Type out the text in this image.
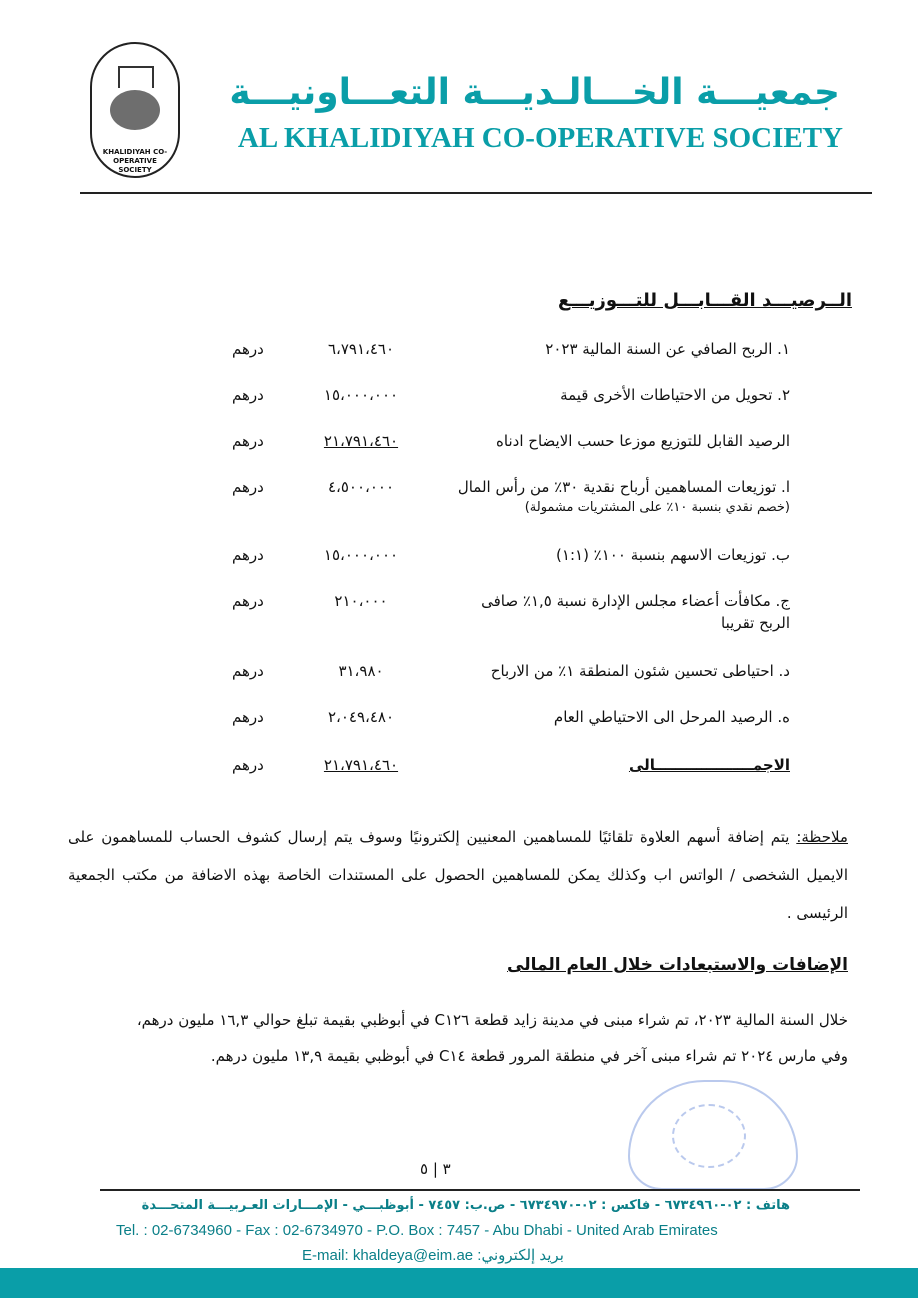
KHALIDIYAH CO-OPERATIVE SOCIETY
جمعيـــة الخـــالـديـــة التعـــاونيـــة
AL KHALIDIYAH CO-OPERATIVE SOCIETY
الــرصيـــد القـــابـــل للتـــوزيـــع
١. الربح الصافي عن السنة المالية ٢٠٢٣
٦،٧٩١،٤٦٠
درهم
٢. تحويل من الاحتياطات الأخرى قيمة
١٥،٠٠٠،٠٠٠
درهم
الرصيد القابل للتوزيع موزعا حسب الايضاح ادناه
٢١،٧٩١،٤٦٠
درهم
ا. توزيعات المساهمين أرباح نقدية ٣٠٪ من رأس المال
(خصم نقدي بنسبة ١٠٪ على المشتريات مشمولة)
٤،٥٠٠،٠٠٠
درهم
ب. توزيعات الاسهم بنسبة ١٠٠٪ (١:١)
١٥،٠٠٠،٠٠٠
درهم
ج. مكافأت أعضاء مجلس الإدارة نسبة ١,٥٪ صافى
الربح تقريبا
٢١٠،٠٠٠
درهم
د. احتياطى تحسين شئون المنطقة ١٪ من الارباح
٣١،٩٨٠
درهم
ه. الرصيد المرحل الى الاحتياطي العام
٢،٠٤٩،٤٨٠
درهم
الاجمـــــــــــــــــــالى
٢١،٧٩١،٤٦٠
درهم
ملاحظة: يتم إضافة أسهم العلاوة تلقائيًا للمساهمين المعنيين إلكترونيًا وسوف يتم إرسال كشوف الحساب للمساهمون على الايميل الشخصى / الواتس اب وكذلك يمكن للمساهمين الحصول على المستندات الخاصة بهذه الاضافة من مكتب الجمعية الرئيسى .
الإضافات والاستبعادات خلال العام المالى
خلال السنة المالية ٢٠٢٣، تم شراء مبنى في مدينة زايد قطعة C١٢٦ في أبوظبي بقيمة تبلغ حوالي ١٦,٣ مليون درهم،
وفي مارس ٢٠٢٤ تم شراء مبنى آخر في منطقة المرور قطعة C١٤ في أبوظبي بقيمة ١٣,٩ مليون درهم.
٣ | ٥
هاتف : ٠٢-٦٧٣٤٩٦٠ - فاكس : ٠٢-٦٧٣٤٩٧٠ - ص.ب: ٧٤٥٧ - أبوظبـــي - الإمـــارات العـربيـــة المتحـــدة
Tel. : 02-6734960 - Fax : 02-6734970 - P.O. Box : 7457 - Abu Dhabi - United Arab Emirates
E-mail: khaldeya@eim.ae :بريد إلكتروني
